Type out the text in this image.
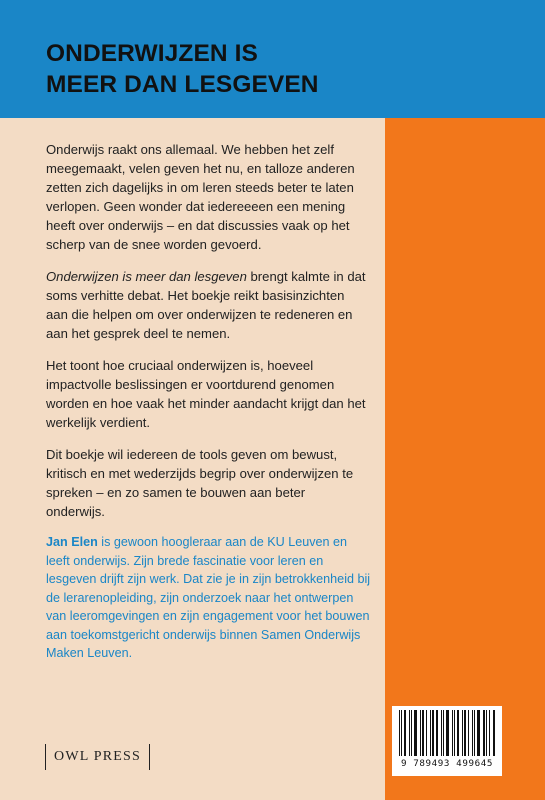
ONDERWIJZEN IS
MEER DAN LESGEVEN

Onderwijs raakt ons allemaal. We hebben het zelf meegemaakt, velen geven het nu, en talloze anderen zetten zich dagelijks in om leren steeds beter te laten verlopen. Geen wonder dat iedereeeen een mening heeft over onderwijs – en dat discussies vaak op het scherp van de snee worden gevoerd.

Onderwijzen is meer dan lesgeven brengt kalmte in dat soms verhitte debat. Het boekje reikt basisinzichten aan die helpen om over onderwijzen te redeneren en aan het gesprek deel te nemen.

Het toont hoe cruciaal onderwijzen is, hoeveel impactvolle beslissingen er voortdurend genomen worden en hoe vaak het minder aandacht krijgt dan het werkelijk verdient.

Dit boekje wil iedereen de tools geven om bewust, kritisch en met wederzijds begrip over onderwijzen te spreken – en zo samen te bouwen aan beter onderwijs.

Jan Elen is gewoon hoogleraar aan de KU Leuven en leeft onderwijs. Zijn brede fascinatie voor leren en lesgeven drijft zijn werk. Dat zie je in zijn betrokkenheid bij de lerarenopleiding, zijn onderzoek naar het ontwerpen van leeromgevingen en zijn engagement voor het bouwen aan toekomstgericht onderwijs binnen Samen Onderwijs Maken Leuven.
OWL PRESS	9 789493 499645
